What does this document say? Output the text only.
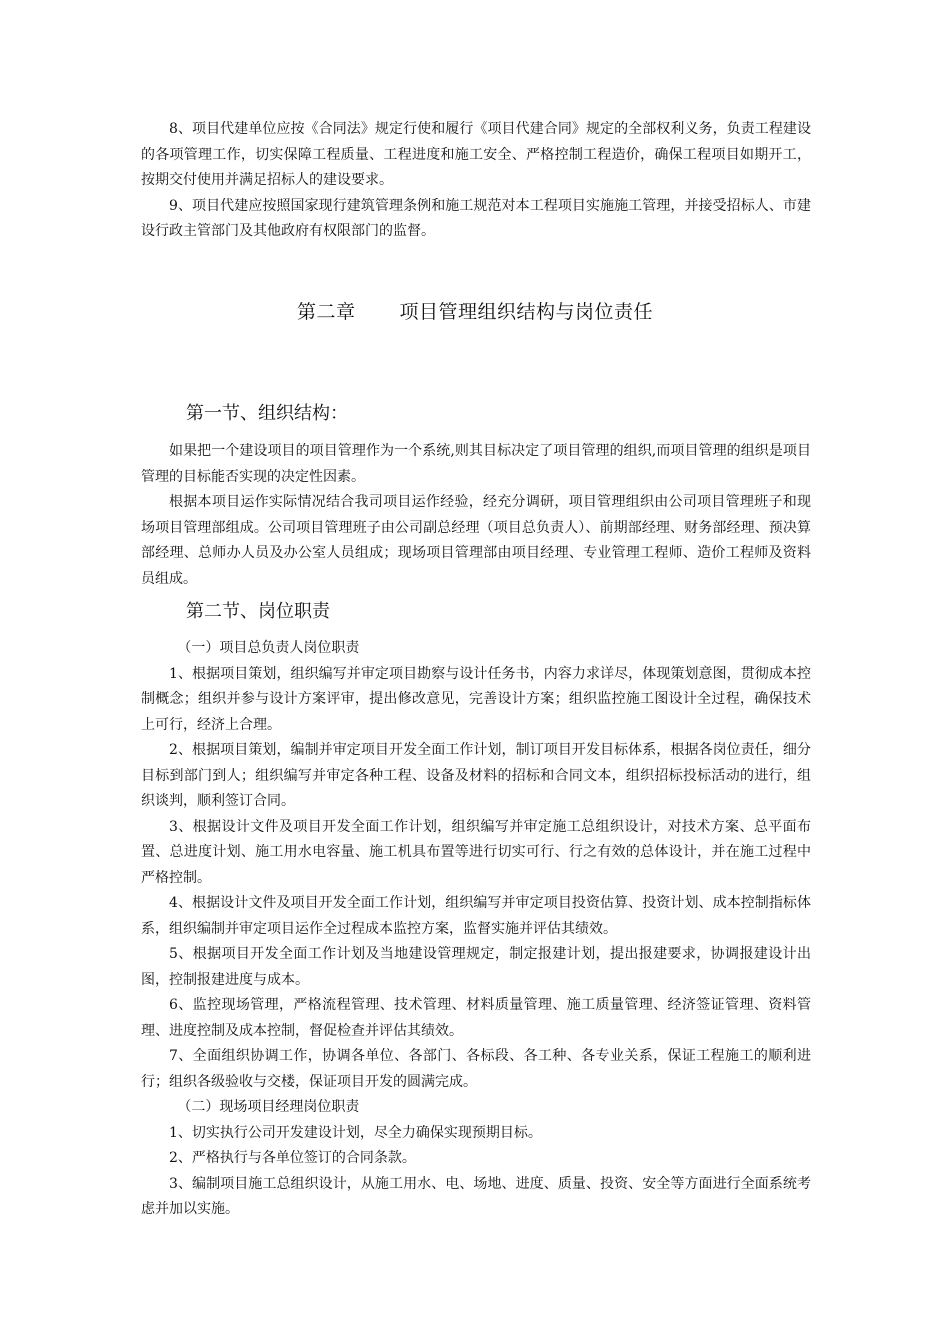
8、项目代建单位应按《合同法》规定行使和履行《项目代建合同》规定的全部权利义务，负责工程建设的各项管理工作，切实保障工程质量、工程进度和施工安全、严格控制工程造价，确保工程项目如期开工，按期交付使用并满足招标人的建设要求。

9、项目代建应按照国家现行建筑管理条例和施工规范对本工程项目实施施工管理，并接受招标人、市建设行政主管部门及其他政府有权限部门的监督。

第二章 项目管理组织结构与岗位责任
第一节、组织结构：

如果把一个建设项目的项目管理作为一个系统,则其目标决定了项目管理的组织,而项目管理的组织是项目管理的目标能否实现的决定性因素。

根据本项目运作实际情况结合我司项目运作经验，经充分调研，项目管理组织由公司项目管理班子和现场项目管理部组成。公司项目管理班子由公司副总经理（项目总负责人）、前期部经理、财务部经理、预决算部经理、总师办人员及办公室人员组成；现场项目管理部由项目经理、专业管理工程师、造价工程师及资料员组成。

第二节、岗位职责

（一）项目总负责人岗位职责

1、根据项目策划，组织编写并审定项目勘察与设计任务书，内容力求详尽，体现策划意图，贯彻成本控制概念；组织并参与设计方案评审，提出修改意见，完善设计方案；组织监控施工图设计全过程，确保技术上可行，经济上合理。

2、根据项目策划，编制并审定项目开发全面工作计划，制订项目开发目标体系，根据各岗位责任，细分目标到部门到人；组织编写并审定各种工程、设备及材料的招标和合同文本，组织招标投标活动的进行，组织谈判，顺利签订合同。

3、根据设计文件及项目开发全面工作计划，组织编写并审定施工总组织设计，对技术方案、总平面布置、总进度计划、施工用水电容量、施工机具布置等进行切实可行、行之有效的总体设计，并在施工过程中严格控制。

4、根据设计文件及项目开发全面工作计划，组织编写并审定项目投资估算、投资计划、成本控制指标体系，组织编制并审定项目运作全过程成本监控方案，监督实施并评估其绩效。

5、根据项目开发全面工作计划及当地建设管理规定，制定报建计划，提出报建要求，协调报建设计出图，控制报建进度与成本。

6、监控现场管理，严格流程管理、技术管理、材料质量管理、施工质量管理、经济签证管理、资料管理、进度控制及成本控制，督促检查并评估其绩效。

7、全面组织协调工作，协调各单位、各部门、各标段、各工种、各专业关系，保证工程施工的顺利进行；组织各级验收与交楼，保证项目开发的圆满完成。

（二）现场项目经理岗位职责

1、切实执行公司开发建设计划，尽全力确保实现预期目标。

2、严格执行与各单位签订的合同条款。

3、编制项目施工总组织设计，从施工用水、电、场地、进度、质量、投资、安全等方面进行全面系统考虑并加以实施。
